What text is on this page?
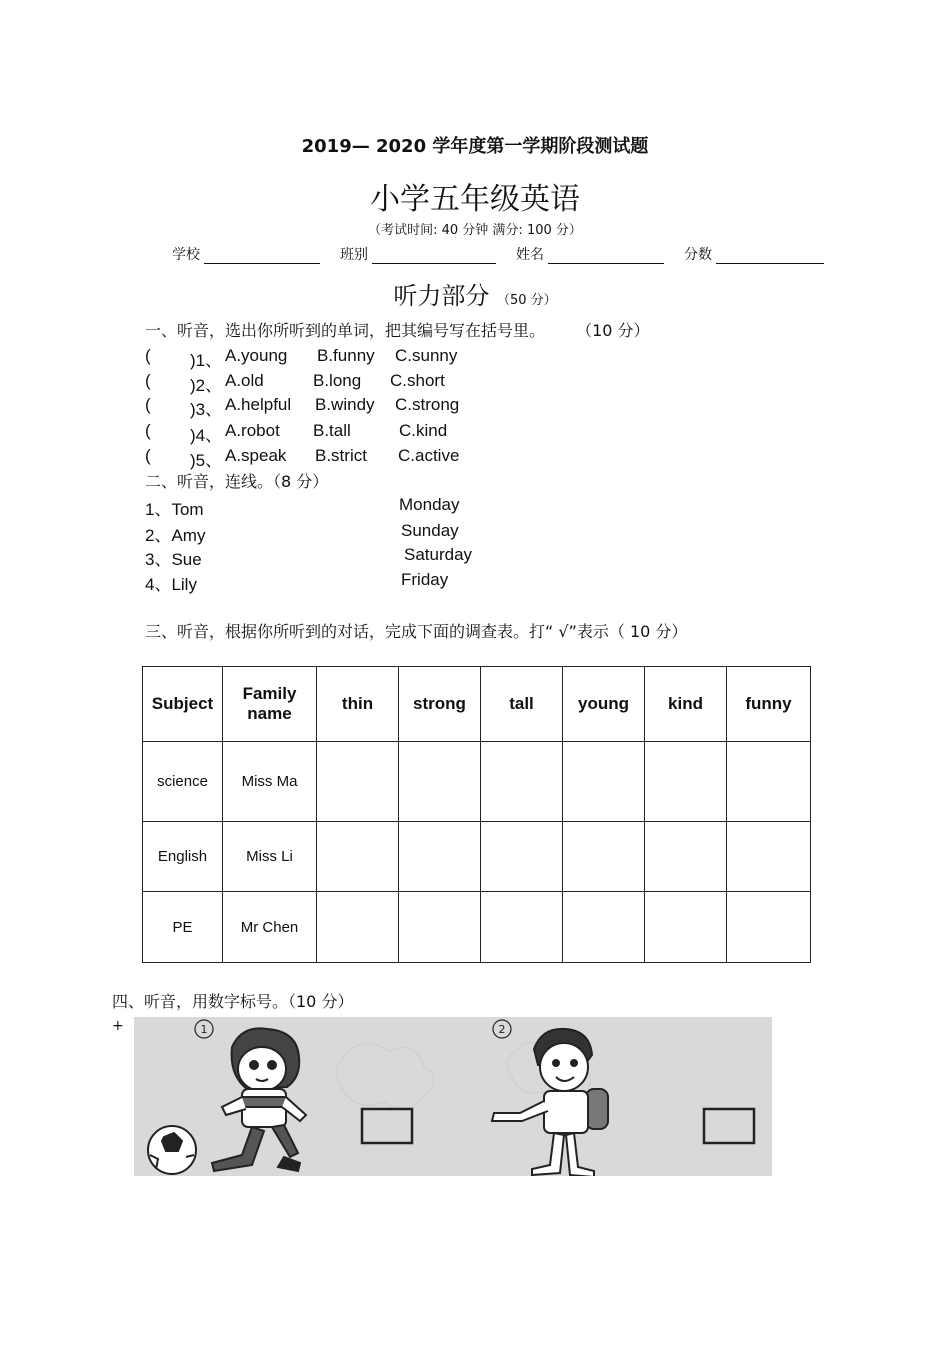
2019— 2020 学年度第一学期阶段测试题
小学五年级英语
（考试时间: 40 分钟 满分: 100 分）
学校	班别	姓名	分数
听力部分 （50 分）
一、听音，选出你所听到的单词，把其编号写在括号里。 （10 分）
( )1、 A.young B.funny C.sunny
( )2、 A.old	B.long C.short
( )3、 A.helpful B.windy C.strong
( )4、 A.robot B.tall	C.kind
( )5、 A.speak B.strict C.active
二、听音，连线。（8 分）
1、Tom
2、Amy
3、Sue
4、Lily
Monday
Sunday
Saturday
Friday
三、听音，根据你所听到的对话，完成下面的调查表。打“ √”表示（ 10 分）
Subject	Family name	thin	strong	tall	young	kind	funny
science	Miss Ma						
English	Miss Li						
PE	Mr Chen						
四、听音，用数字标号。（10 分）
+	1	2
